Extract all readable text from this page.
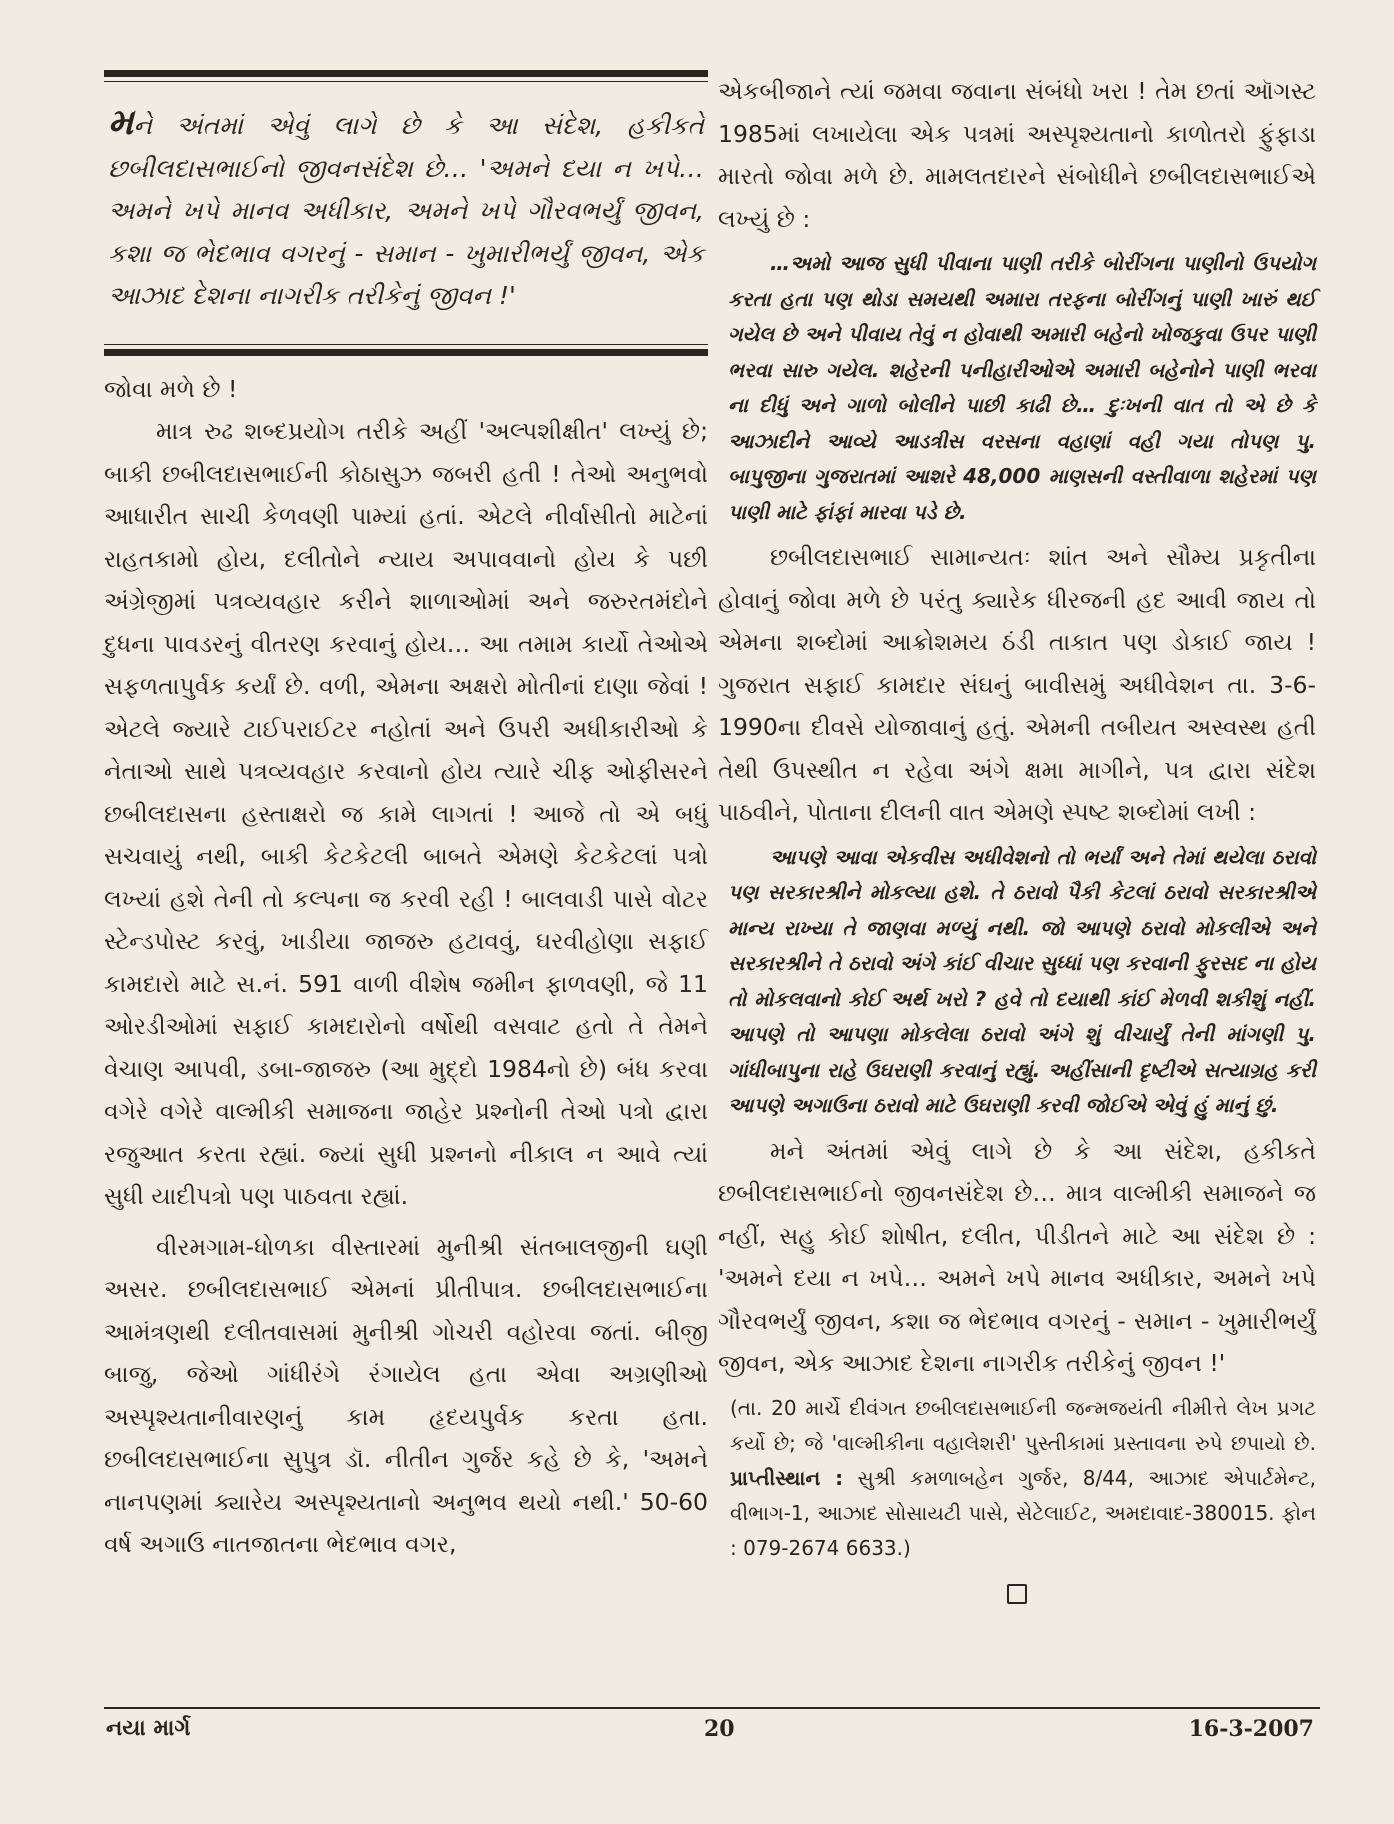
મને અંતમાં એવું લાગે છે કે આ સંદેશ, હકીકતે છબીલદાસભાઈનો જીવનસંદેશ છે… 'અમને દયા ન ખપે… અમને ખપે માનવ અધીકાર, અમને ખપે ગૌરવભર્યું જીવન, કશા જ ભેદભાવ વગરનું - સમાન - ખુમારીભર્યું જીવન, એક આઝાદ દેશના નાગરીક તરીકેનું જીવન !'

જોવા મળે છે !

માત્ર રુઢ શબ્દપ્રયોગ તરીકે અહીં 'અલ્પશીક્ષીત' લખ્યું છે; બાકી છબીલદાસભાઈની કોઠાસુઝ જબરી હતી ! તેઓ અનુભવો આધારીત સાચી કેળવણી પામ્યાં હતાં. એટલે નીર્વાસીતો માટેનાં રાહતકામો હોય, દલીતોને ન્યાય અપાવવાનો હોય કે પછી અંગ્રેજીમાં પત્રવ્યવહાર કરીને શાળાઓમાં અને જરુરતમંદોને દુધના પાવડરનું વીતરણ કરવાનું હોય… આ તમામ કાર્યો તેઓએ સફળતાપુર્વક કર્યાં છે. વળી, એમના અક્ષરો મોતીનાં દાણા જેવાં ! એટલે જ્યારે ટાઈપરાઈટર નહોતાં અને ઉપરી અધીકારીઓ કે નેતાઓ સાથે પત્રવ્યવહાર કરવાનો હોય ત્યારે ચીફ ઓફીસરને છબીલદાસના હસ્તાક્ષરો જ કામે લાગતાં ! આજે તો એ બધું સચવાયું નથી, બાકી કેટકેટલી બાબતે એમણે કેટકેટલાં પત્રો લખ્યાં હશે તેની તો કલ્પના જ કરવી રહી ! બાલવાડી પાસે વોટર સ્ટેન્ડપોસ્ટ કરવું, ખાડીયા જાજરુ હટાવવું, ઘરવીહોણા સફાઈ કામદારો માટે સ.નં. 591 વાળી વીશેષ જમીન ફાળવણી, જે 11 ઓરડીઓમાં સફાઈ કામદારોનો વર્ષોથી વસવાટ હતો તે તેમને વેચાણ આપવી, ડબા-જાજરુ (આ મુદ્દો 1984નો છે) બંધ કરવા વગેરે વગેરે વાલ્મીકી સમાજના જાહેર પ્રશ્નોની તેઓ પત્રો દ્વારા રજુઆત કરતા રહ્યાં. જ્યાં સુધી પ્રશ્નનો નીકાલ ન આવે ત્યાં સુધી યાદીપત્રો પણ પાઠવતા રહ્યાં.

વીરમગામ-ધોળકા વીસ્તારમાં મુનીશ્રી સંતબાલજીની ઘણી અસર. છબીલદાસભાઈ એમનાં પ્રીતીપાત્ર. છબીલદાસભાઈના આમંત્રણથી દલીતવાસમાં મુનીશ્રી ગોચરી વહોરવા જતાં. બીજી બાજુ, જેઓ ગાંધીરંગે રંગાયેલ હતા એવા અગ્રણીઓ અસ્પૃશ્યતાનીવારણનું કામ હૃદયપુર્વક કરતા હતા. છબીલદાસભાઈના સુપુત્ર ડૉ. નીતીન ગુર્જર કહે છે કે, 'અમને નાનપણમાં ક્યારેય અસ્પૃશ્યતાનો અનુભવ થયો નથી.' 50-60 વર્ષ અગાઉ નાતજાતના ભેદભાવ વગર,

એકબીજાને ત્યાં જમવા જવાના સંબંધો ખરા ! તેમ છતાં ઑગસ્ટ 1985માં લખાયેલા એક પત્રમાં અસ્પૃશ્યતાનો કાળોતરો ફુંફાડા મારતો જોવા મળે છે. મામલતદારને સંબોધીને છબીલદાસભાઈએ લખ્યું છે :

…અમો આજ સુધી પીવાના પાણી તરીકે બોરીંગના પાણીનો ઉપયોગ કરતા હતા પણ થોડા સમયથી અમારા તરફના બોરીંગનું પાણી ખારું થઈ ગયેલ છે અને પીવાય તેવું ન હોવાથી અમારી બહેનો ખોજકુવા ઉપર પાણી ભરવા સારુ ગયેલ. શહેરની પનીહારીઓએ અમારી બહેનોને પાણી ભરવા ના દીધું અને ગાળો બોલીને પાછી કાઢી છે… દુઃખની વાત તો એ છે કે આઝાદીને આવ્યે આડત્રીસ વરસના વહાણાં વહી ગયા તોપણ પુ. બાપુજીના ગુજરાતમાં આશરે 48,000 માણસની વસ્તીવાળા શહેરમાં પણ પાણી માટે ફાંફાં મારવા પડે છે.

છબીલદાસભાઈ સામાન્યતઃ શાંત અને સૌમ્ય પ્રકૃતીના હોવાનું જોવા મળે છે પરંતુ ક્યારેક ધીરજની હદ આવી જાય તો એમના શબ્દોમાં આક્રોશમય ઠંડી તાકાત પણ ડોકાઈ જાય ! ગુજરાત સફાઈ કામદાર સંઘનું બાવીસમું અધીવેશન તા. 3-6-1990ના દીવસે યોજાવાનું હતું. એમની તબીયત અસ્વસ્થ હતી તેથી ઉપસ્થીત ન રહેવા અંગે ક્ષમા માગીને, પત્ર દ્વારા સંદેશ પાઠવીને, પોતાના દીલની વાત એમણે સ્પષ્ટ શબ્દોમાં લખી :

આપણે આવા એકવીસ અધીવેશનો તો ભર્યાં અને તેમાં થયેલા ઠરાવો પણ સરકારશ્રીને મોકલ્યા હશે. તે ઠરાવો પૈકી કેટલાં ઠરાવો સરકારશ્રીએ માન્ય રાખ્યા તે જાણવા મળ્યું નથી. જો આપણે ઠરાવો મોકલીએ અને સરકારશ્રીને તે ઠરાવો અંગે કાંઈ વીચાર સુધ્ધાં પણ કરવાની ફુરસદ ના હોય તો મોકલવાનો કોઈ અર્થ ખરો ? હવે તો દયાથી કાંઈ મેળવી શકીશું નહીં. આપણે તો આપણા મોકલેલા ઠરાવો અંગે શું વીચાર્યું તેની માંગણી પુ. ગાંધીબાપુના રાહે ઉઘરાણી કરવાનું રહ્યું. અહીંસાની દૃષ્ટીએ સત્યાગ્રહ કરી આપણે અગાઉના ઠરાવો માટે ઉઘરાણી કરવી જોઈએ એવું હું માનું છું.

મને અંતમાં એવું લાગે છે કે આ સંદેશ, હકીકતે છબીલદાસભાઈનો જીવનસંદેશ છે… માત્ર વાલ્મીકી સમાજને જ નહીં, સહુ કોઈ શોષીત, દલીત, પીડીતને માટે આ સંદેશ છે : 'અમને દયા ન ખપે… અમને ખપે માનવ અધીકાર, અમને ખપે ગૌરવભર્યું જીવન, કશા જ ભેદભાવ વગરનું - સમાન - ખુમારીભર્યું જીવન, એક આઝાદ દેશના નાગરીક તરીકેનું જીવન !'

(તા. 20 માર્ચે દીવંગત છબીલદાસભાઈની જન્મજયંતી નીમીત્તે લેખ પ્રગટ કર્યો છે; જે 'વાલ્મીકીના વહાલેશરી' પુસ્તીકામાં પ્રસ્તાવના રુપે છપાયો છે. પ્રાપ્તીસ્થાન : સુશ્રી કમળાબહેન ગુર્જર, 8/44, આઝાદ એપાર્ટમેન્ટ, વીભાગ-1, આઝાદ સોસાયટી પાસે, સેટેલાઈટ, અમદાવાદ-380015. ફોન : 079-2674 6633.)

નયા માર્ગ	20	16-3-2007
